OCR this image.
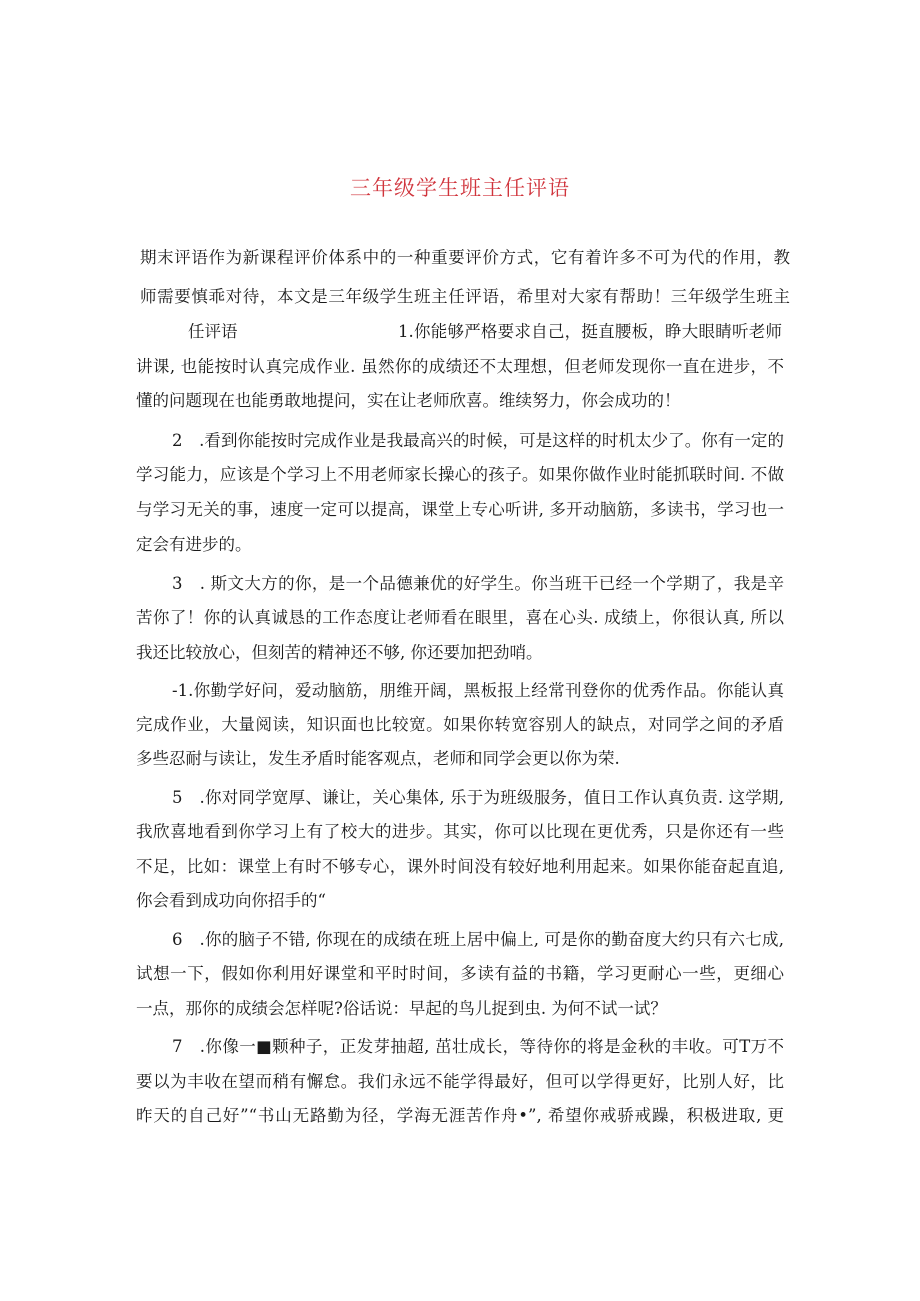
三年级学生班主任评语

期末评语作为新课程评价体系中的一种重要评价方式，它有着许多不可为代的作用，教

师需要慎乖对待，本文是三年级学生班主任评语，希里对大家有帮助！三年级学生班主

任评语	1.你能够严格要求自己，挺直腰板，睁大眼睛听老师

讲课, 也能按时认真完成作业. 虽然你的成绩还不太理想，但老师发现你一直在进步，不

懂的问题现在也能勇敢地提问，实在让老师欣喜。维续努力，你会成功的！

2　.看到你能按时完成作业是我最高兴的时候，可是这样的时机太少了。你有一定的

学习能力，应该是个学习上不用老师家长操心的孩子。如果你做作业时能抓联时间. 不做

与学习无关的事，速度一定可以提高，课堂上专心听讲, 多开动脑筋，多读书，学习也一

定会有进步的。

3　. 斯文大方的你，是一个品德兼优的好学生。你当班干已经一个学期了，我是辛

苦你了！你的认真诚恳的工作态度让老师看在眼里，喜在心头. 成绩上，你很认真, 所以

我还比较放心，但刻苦的精神还不够, 你还要加把劲哨。

-1.你勤学好问，爱动脑筋，朋维开阔，黑板报上经常刊登你的优秀作品。你能认真

完成作业，大量阅读，知识面也比较宽。如果你转宽容别人的缺点，对同学之间的矛盾

多些忍耐与读让，发生矛盾时能客观点，老师和同学会更以你为荣.

5　.你对同学宽厚、谦让，关心集体, 乐于为班级服务，值日工作认真负责. 这学期,

我欣喜地看到你学习上有了校大的进步。其实，你可以比现在更优秀，只是你还有一些

不足，比如：课堂上有时不够专心，课外时间没有较好地利用起来。如果你能奋起直追,

你会看到成功向你招手的“

6　.你的脑子不错, 你现在的成绩在班上居中偏上, 可是你的勤奋度大约只有六七成,

试想一下，假如你利用好课堂和平时时间，多读有益的书籍，学习更耐心一些，更细心

一点，那你的成绩会怎样呢?俗话说：早起的鸟儿捉到虫. 为何不试一试？

7　.你像一■颗种子，正发芽抽超, 茁壮成长，等待你的将是金秋的丰收。可T万不

要以为丰收在望而稍有懈怠。我们永远不能学得最好，但可以学得更好，比别人好，比

昨天的自己好”“书山无路勤为径，学海无涯苦作舟•”, 希望你戒骄戒躁，积极进取, 更
